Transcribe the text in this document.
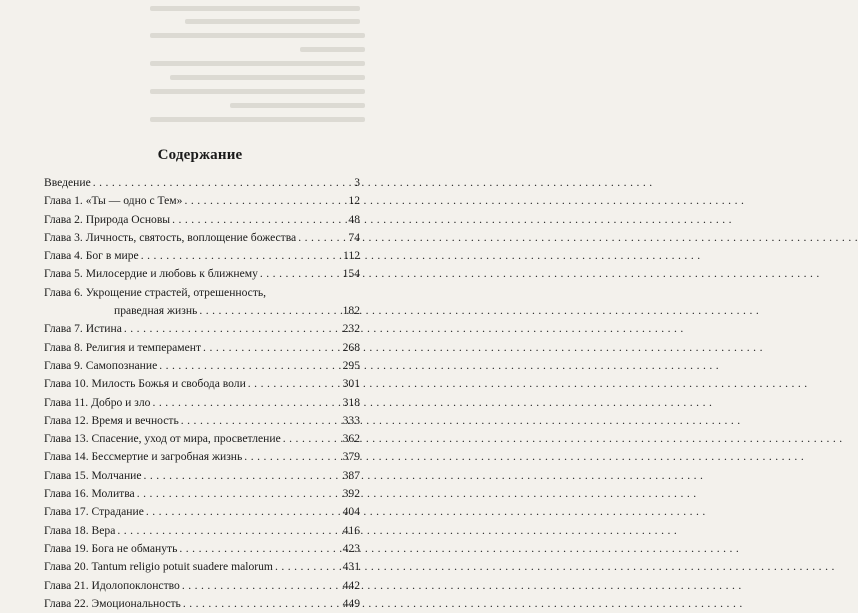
Содержание
Введение . . .	3
Глава 1. «Ты — одно с Тем» . . .	12
Глава 2. Природа Основы . . .	48
Глава 3. Личность, святость, воплощение божества . . .	74
Глава 4. Бог в мире . . .	112
Глава 5. Милосердие и любовь к ближнему . . .	154
Глава 6. Укрощение страстей, отрешенность,
праведная жизнь . . .	182
Глава 7. Истина . . .	232
Глава 8. Религия и темперамент . . .	268
Глава 9. Самопознание . . .	295
Глава 10. Милость Божья и свобода воли . . .	301
Глава 11. Добро и зло . . .	318
Глава 12. Время и вечность . . .	333
Глава 13. Спасение, уход от мира, просветление . . .	362
Глава 14. Бессмертие и загробная жизнь . . .	379
Глава 15. Молчание . . .	387
Глава 16. Молитва . . .	392
Глава 17. Страдание . . .	404
Глава 18. Вера . . .	416
Глава 19. Бога не обмануть . . .	423
Глава 20. Tantum religio potuit suadere malorum . . .	431
Глава 21. Идолопоклонство . . .	442
Глава 22. Эмоциональность . . .	449
